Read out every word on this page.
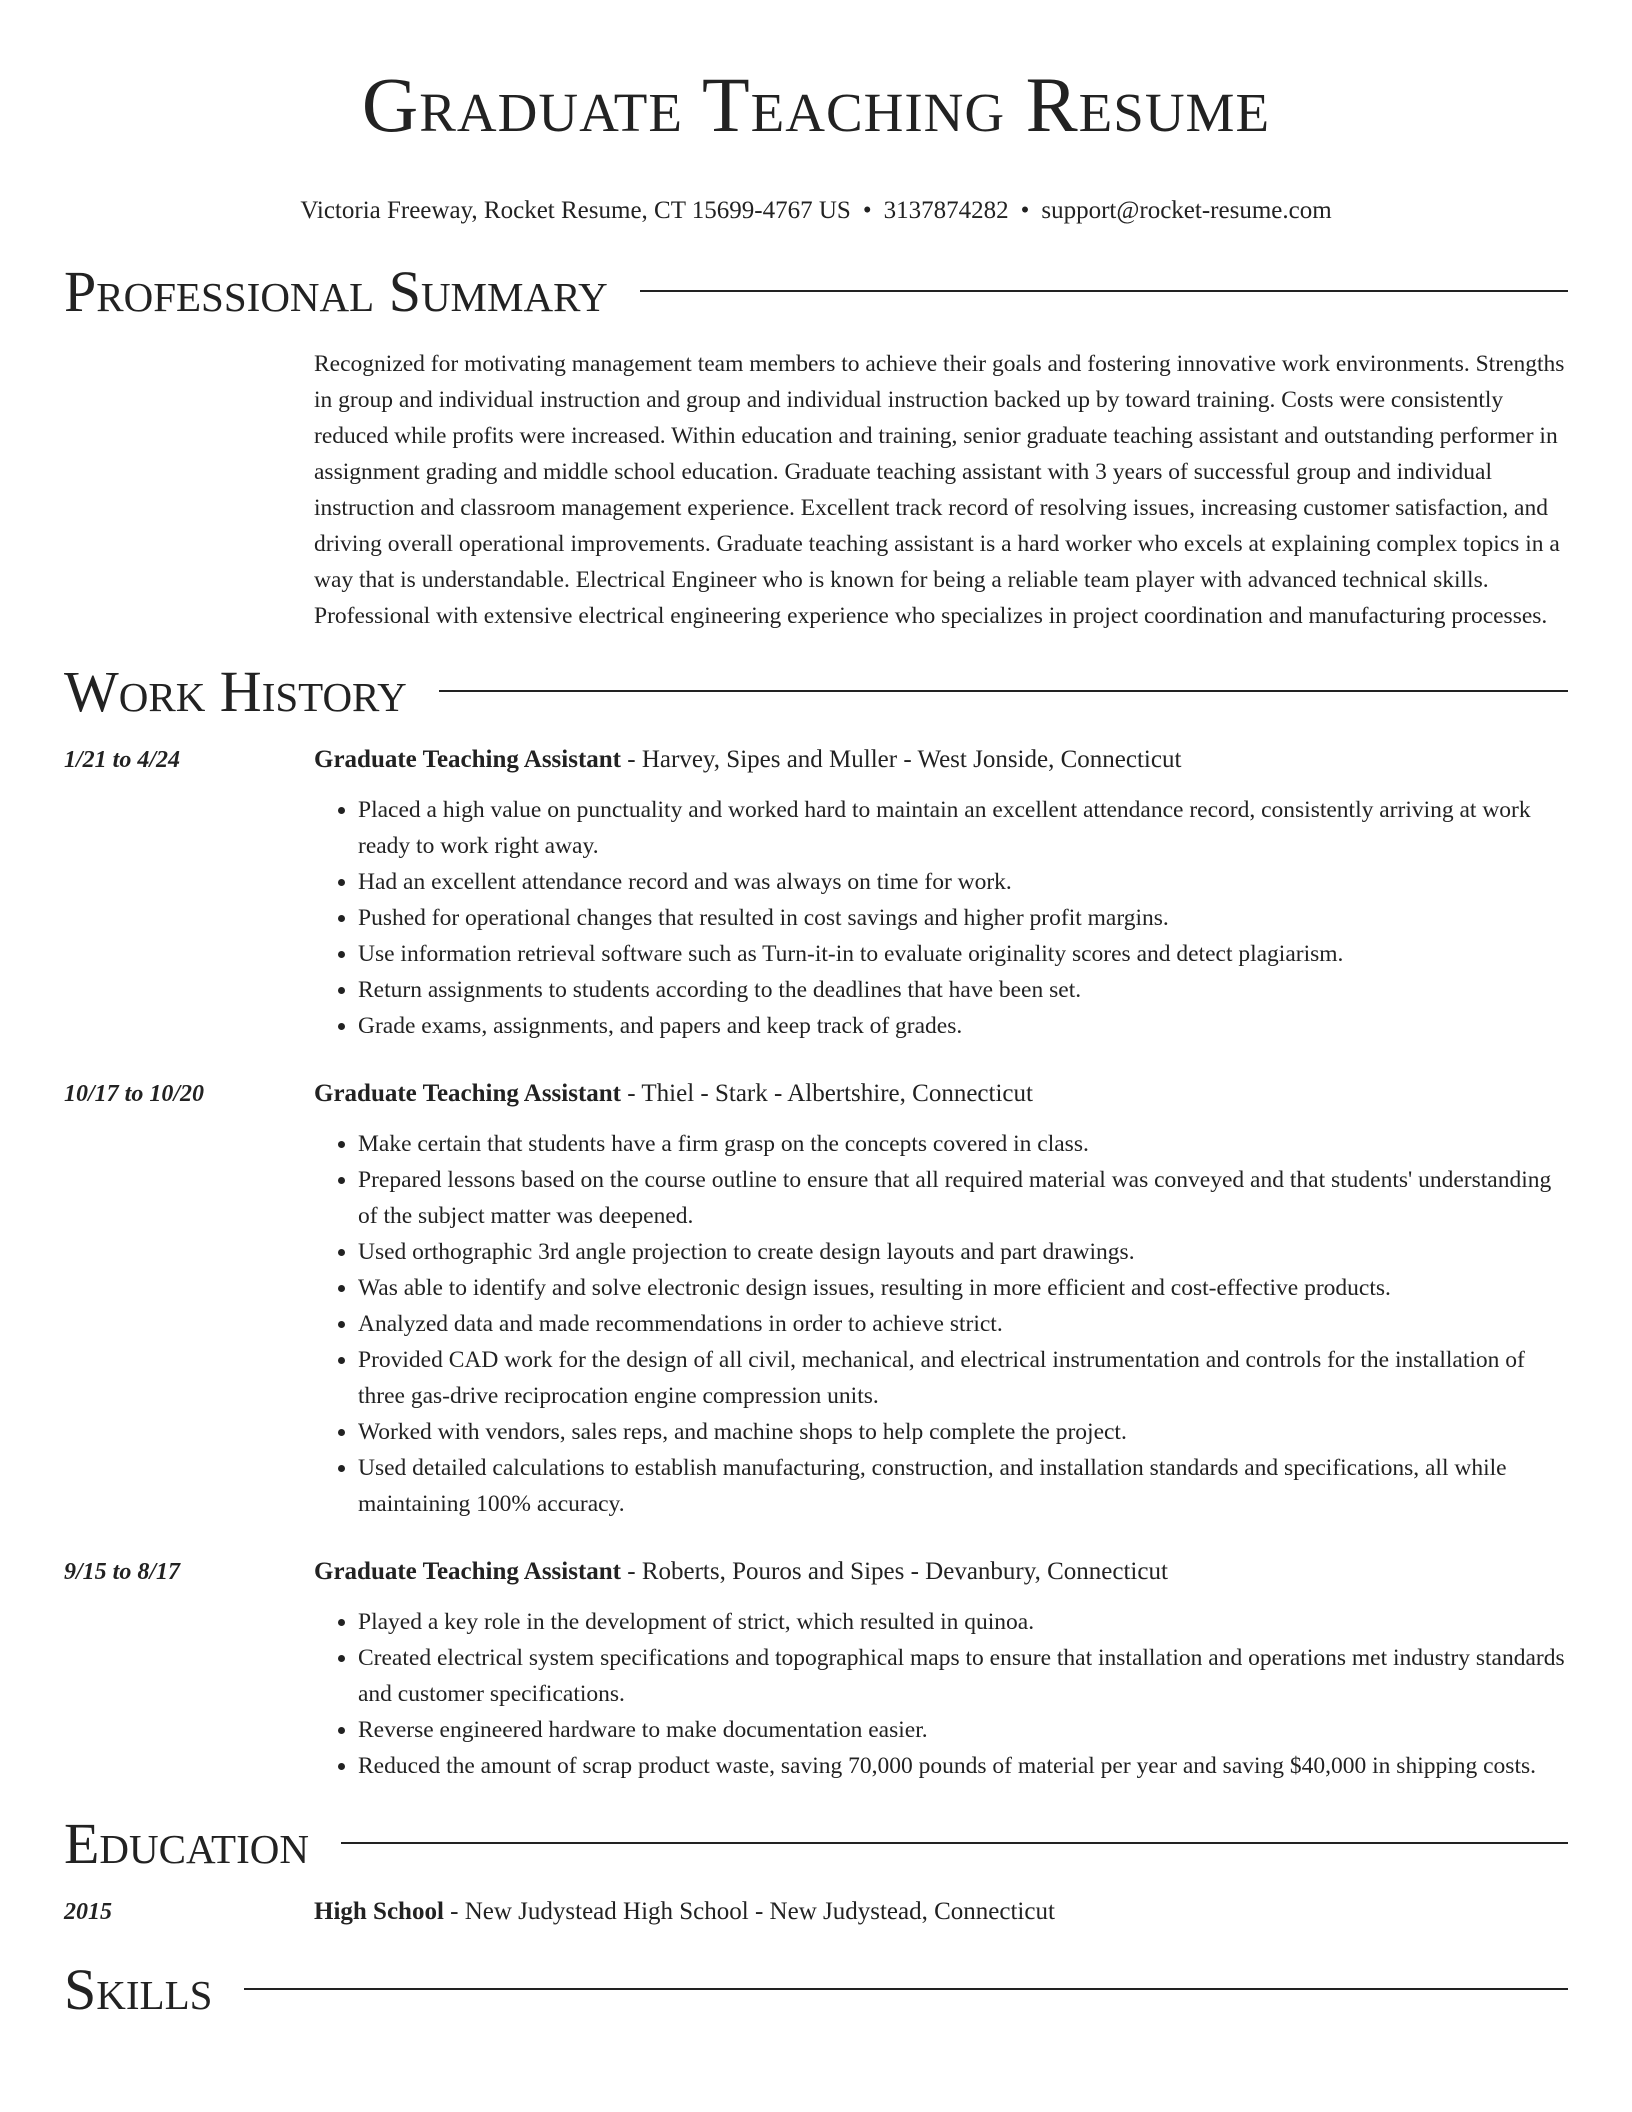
Graduate Teaching Resume
Victoria Freeway, Rocket Resume, CT 15699-4767 US • 3137874282 • support@rocket-resume.com
Professional Summary
Recognized for motivating management team members to achieve their goals and fostering innovative work environments. Strengths in group and individual instruction and group and individual instruction backed up by toward training. Costs were consistently reduced while profits were increased. Within education and training, senior graduate teaching assistant and outstanding performer in assignment grading and middle school education. Graduate teaching assistant with 3 years of successful group and individual instruction and classroom management experience. Excellent track record of resolving issues, increasing customer satisfaction, and driving overall operational improvements. Graduate teaching assistant is a hard worker who excels at explaining complex topics in a way that is understandable. Electrical Engineer who is known for being a reliable team player with advanced technical skills. Professional with extensive electrical engineering experience who specializes in project coordination and manufacturing processes.
Work History
1/21 to 4/24	Graduate Teaching Assistant - Harvey, Sipes and Muller - West Jonside, Connecticut
• Placed a high value on punctuality and worked hard to maintain an excellent attendance record, consistently arriving at work ready to work right away.
• Had an excellent attendance record and was always on time for work.
• Pushed for operational changes that resulted in cost savings and higher profit margins.
• Use information retrieval software such as Turn-it-in to evaluate originality scores and detect plagiarism.
• Return assignments to students according to the deadlines that have been set.
• Grade exams, assignments, and papers and keep track of grades.
10/17 to 10/20	Graduate Teaching Assistant - Thiel - Stark - Albertshire, Connecticut
• Make certain that students have a firm grasp on the concepts covered in class.
• Prepared lessons based on the course outline to ensure that all required material was conveyed and that students' understanding of the subject matter was deepened.
• Used orthographic 3rd angle projection to create design layouts and part drawings.
• Was able to identify and solve electronic design issues, resulting in more efficient and cost-effective products.
• Analyzed data and made recommendations in order to achieve strict.
• Provided CAD work for the design of all civil, mechanical, and electrical instrumentation and controls for the installation of three gas-drive reciprocation engine compression units.
• Worked with vendors, sales reps, and machine shops to help complete the project.
• Used detailed calculations to establish manufacturing, construction, and installation standards and specifications, all while maintaining 100% accuracy.
9/15 to 8/17	Graduate Teaching Assistant - Roberts, Pouros and Sipes - Devanbury, Connecticut
• Played a key role in the development of strict, which resulted in quinoa.
• Created electrical system specifications and topographical maps to ensure that installation and operations met industry standards and customer specifications.
• Reverse engineered hardware to make documentation easier.
• Reduced the amount of scrap product waste, saving 70,000 pounds of material per year and saving $40,000 in shipping costs.
Education
2015	High School - New Judystead High School - New Judystead, Connecticut
Skills
